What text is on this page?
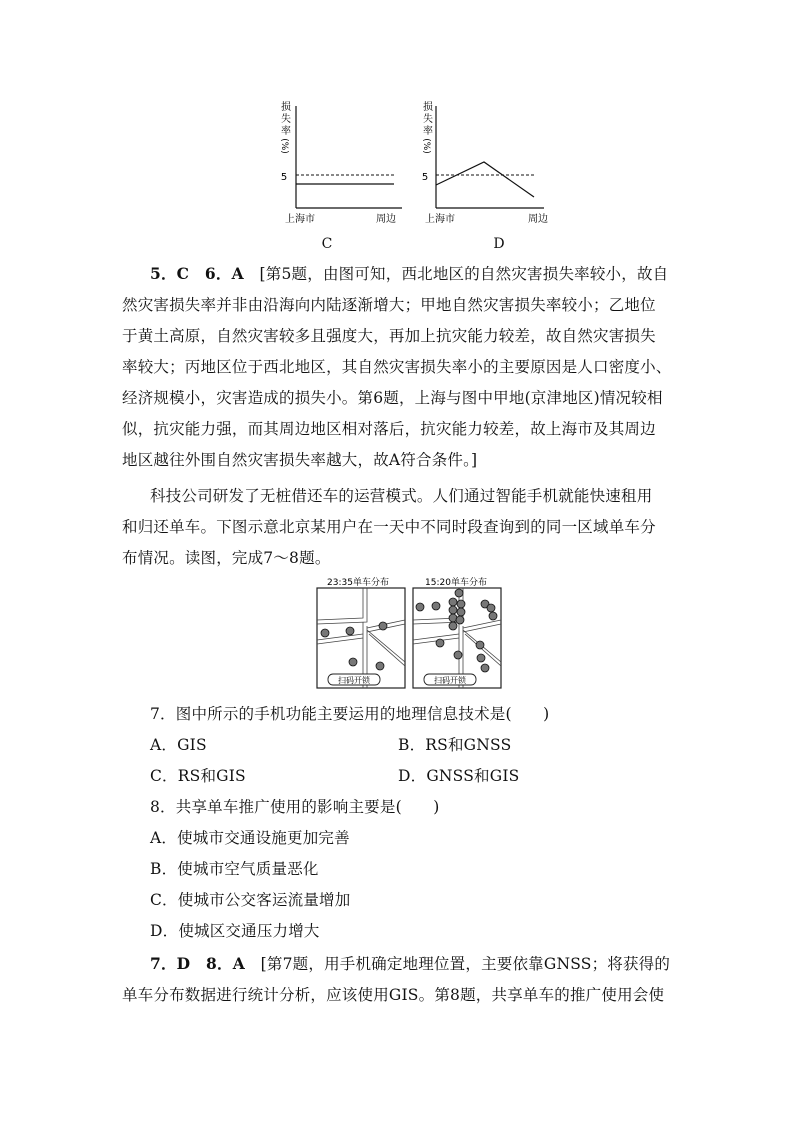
损
失
率
(%)
5
上海市	周边
损
失
率
(%)
5
上海市	周边
C	D
5．C　6．A　 [第5题，由图可知，西北地区的自然灾害损失率较小，故自
然灾害损失率并非由沿海向内陆逐渐增大；甲地自然灾害损失率较小；乙地位
于黄土高原，自然灾害较多且强度大，再加上抗灾能力较差，故自然灾害损失
率较大；丙地区位于西北地区，其自然灾害损失率小的主要原因是人口密度小、
经济规模小，灾害造成的损失小。第6题，上海与图中甲地(京津地区)情况较相
似，抗灾能力强，而其周边地区相对落后，抗灾能力较差，故上海市及其周边
地区越往外围自然灾害损失率越大，故A符合条件。]
科技公司研发了无桩借还车的运营模式。人们通过智能手机就能快速租用
和归还单车。下图示意北京某用户在一天中不同时段查询到的同一区域单车分
布情况。读图，完成7～8题。
23:35单车分布	15:20单车分布
扫码开锁	扫码开锁
7．图中所示的手机功能主要运用的地理信息技术是(　　)
A．GIS	B．RS和GNSS
C．RS和GIS	D．GNSS和GIS
8．共享单车推广使用的影响主要是(　　)
A．使城市交通设施更加完善
B．使城市空气质量恶化
C．使城市公交客运流量增加
D．使城区交通压力增大
7．D　8．A　 [第7题，用手机确定地理位置，主要依靠GNSS；将获得的
单车分布数据进行统计分析，应该使用GIS。第8题，共享单车的推广使用会使
